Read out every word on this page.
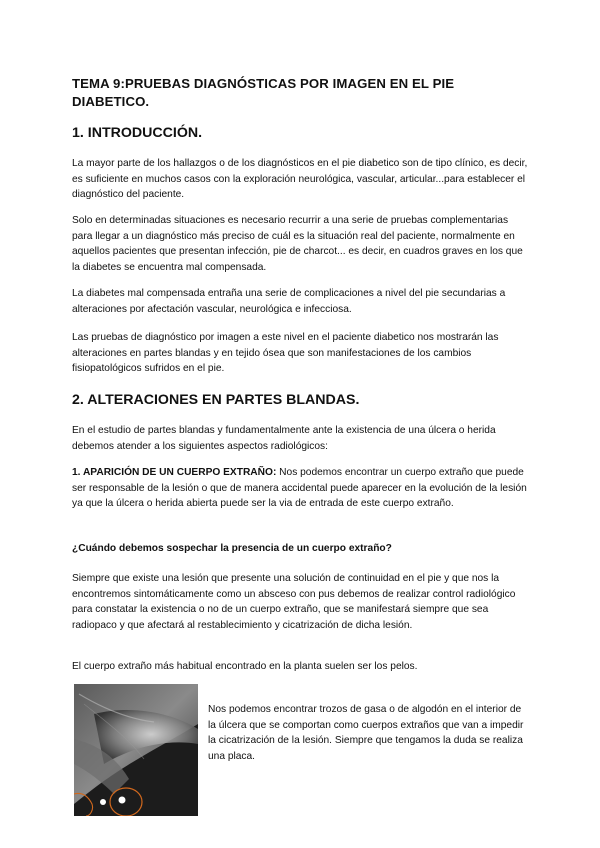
TEMA 9:PRUEBAS DIAGNÓSTICAS POR IMAGEN EN EL PIE DIABETICO.
1. INTRODUCCIÓN.
La mayor parte de los hallazgos o de los diagnósticos en el pie diabetico son de tipo clínico, es decir, es suficiente en muchos casos con la exploración neurológica, vascular, articular...para establecer el diagnóstico del paciente.
Solo en determinadas situaciones es necesario recurrir a una serie de pruebas complementarias para llegar a un diagnóstico más preciso de cuál es la situación real del paciente, normalmente en aquellos pacientes que presentan infección, pie de charcot... es decir, en cuadros graves en los que la diabetes se encuentra mal compensada.
La diabetes mal compensada entraña una serie de complicaciones a nivel del pie secundarias a alteraciones por afectación vascular, neurológica e infecciosa.
Las pruebas de diagnóstico por imagen a este nivel en el paciente diabetico nos mostrarán las alteraciones en partes blandas y en tejido ósea que son manifestaciones de los cambios fisiopatológicos sufridos en el pie.
2. ALTERACIONES EN PARTES BLANDAS.
En el estudio de partes blandas y fundamentalmente ante la existencia de una úlcera o herida debemos atender a los siguientes aspectos radiológicos:
1. APARICIÓN DE UN CUERPO EXTRAÑO: Nos podemos encontrar un cuerpo extraño que puede ser responsable de la lesión o que de manera accidental puede aparecer en la evolución de la lesión ya que la úlcera o herida abierta puede ser la via de entrada de este cuerpo extraño.
¿Cuándo debemos sospechar la presencia de un cuerpo extraño?
Siempre que existe una lesión que presente una solución de continuidad en el pie y que nos la encontremos sintomáticamente como un absceso con pus debemos de realizar control radiológico para constatar la existencia o no de un cuerpo extraño, que se manifestará siempre que sea radiopaco y que afectará al restablecimiento y cicatrización de dicha lesión.
El cuerpo extraño más habitual encontrado en la planta suelen ser los pelos.
Nos podemos encontrar trozos de gasa o de algodón en el interior de la úlcera que se comportan como cuerpos extraños que van a impedir la cicatrización de la lesión. Siempre que tengamos la duda se realiza una placa.
